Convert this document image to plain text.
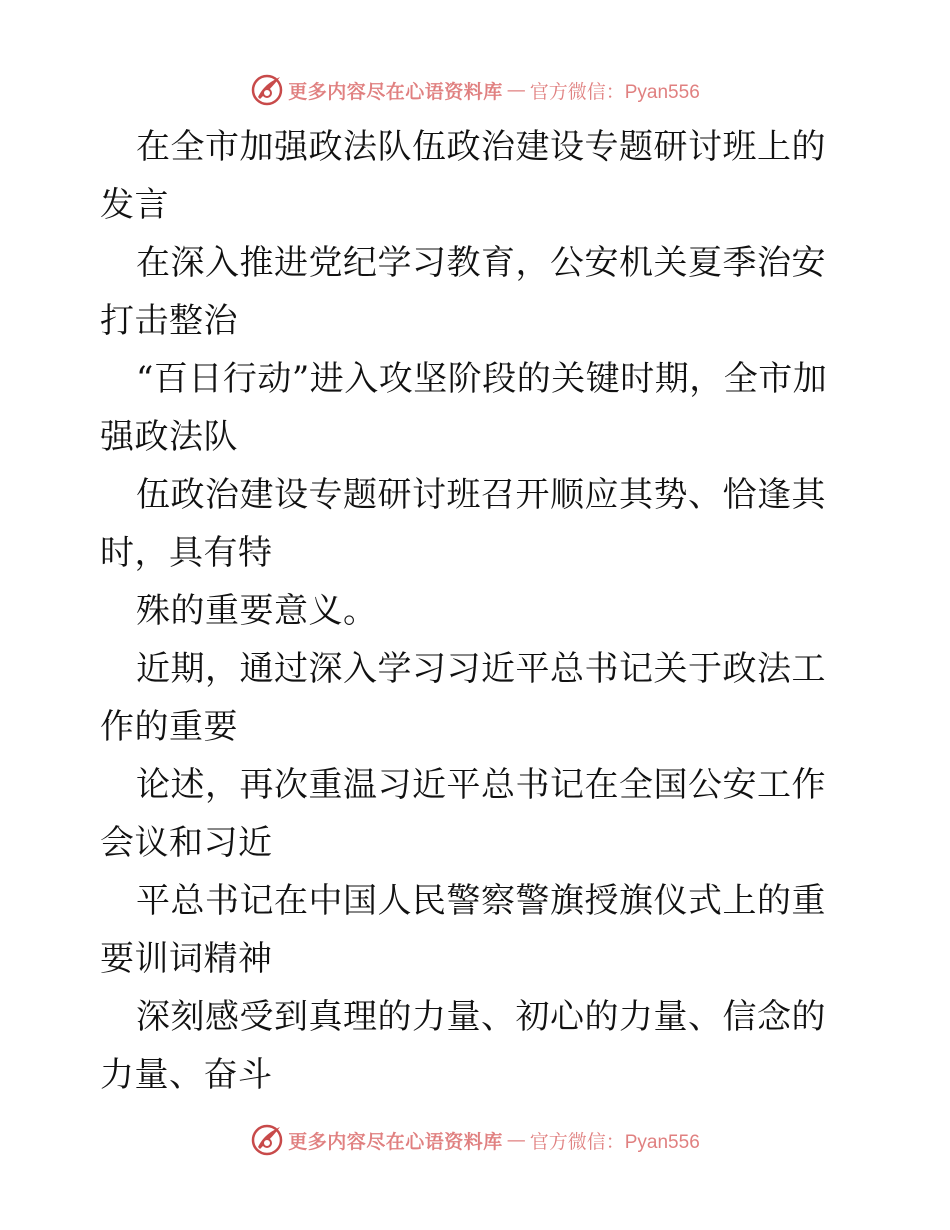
更多内容尽在心语资料库 — 官方微信：Pyan556

在全市加强政法队伍政治建设专题研讨班上的发言

在深入推进党纪学习教育，公安机关夏季治安打击整治

“百日行动”进入攻坚阶段的关键时期，全市加强政法队

伍政治建设专题研讨班召开顺应其势、恰逢其时，具有特

殊的重要意义。

近期，通过深入学习习近平总书记关于政法工作的重要

论述，再次重温习近平总书记在全国公安工作会议和习近

平总书记在中国人民警察警旗授旗仪式上的重要训词精神

深刻感受到真理的力量、初心的力量、信念的力量、奋斗

更多内容尽在心语资料库 — 官方微信：Pyan556
